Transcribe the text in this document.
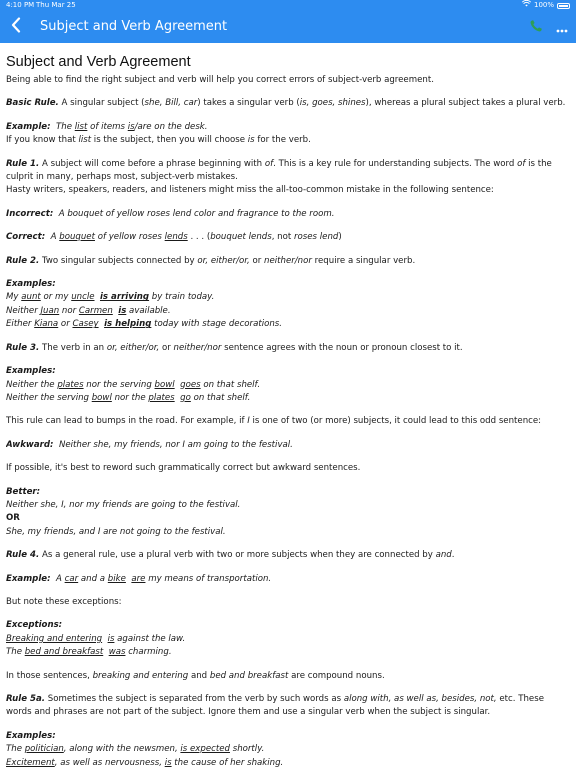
4:10 PM Thu Mar 25	100%
Subject and Verb Agreement
Subject and Verb Agreement

Being able to find the right subject and verb will help you correct errors of subject-verb agreement.

Basic Rule. A singular subject (she, Bill, car) takes a singular verb (is, goes, shines), whereas a plural subject takes a plural verb.

Example: The list of items is/are on the desk.
If you know that list is the subject, then you will choose is for the verb.

Rule 1. A subject will come before a phrase beginning with of. This is a key rule for understanding subjects. The word of is the culprit in many, perhaps most, subject-verb mistakes.
Hasty writers, speakers, readers, and listeners might miss the all-too-common mistake in the following sentence:

Incorrect: A bouquet of yellow roses lend color and fragrance to the room.

Correct: A bouquet of yellow roses lends . . . (bouquet lends, not roses lend)

Rule 2. Two singular subjects connected by or, either/or, or neither/nor require a singular verb.

Examples:
My aunt or my uncle is arriving by train today.
Neither Juan nor Carmen is available.
Either Kiana or Casey is helping today with stage decorations.

Rule 3. The verb in an or, either/or, or neither/nor sentence agrees with the noun or pronoun closest to it.

Examples:
Neither the plates nor the serving bowl goes on that shelf.
Neither the serving bowl nor the plates go on that shelf.

This rule can lead to bumps in the road. For example, if I is one of two (or more) subjects, it could lead to this odd sentence:

Awkward: Neither she, my friends, nor I am going to the festival.

If possible, it's best to reword such grammatically correct but awkward sentences.

Better:
Neither she, I, nor my friends are going to the festival.
OR
She, my friends, and I are not going to the festival.

Rule 4. As a general rule, use a plural verb with two or more subjects when they are connected by and.

Example: A car and a bike are my means of transportation.

But note these exceptions:

Exceptions:
Breaking and entering is against the law.
The bed and breakfast was charming.

In those sentences, breaking and entering and bed and breakfast are compound nouns.

Rule 5a. Sometimes the subject is separated from the verb by such words as along with, as well as, besides, not, etc. These words and phrases are not part of the subject. Ignore them and use a singular verb when the subject is singular.

Examples:
The politician, along with the newsmen, is expected shortly.
Excitement, as well as nervousness, is the cause of her shaking.
